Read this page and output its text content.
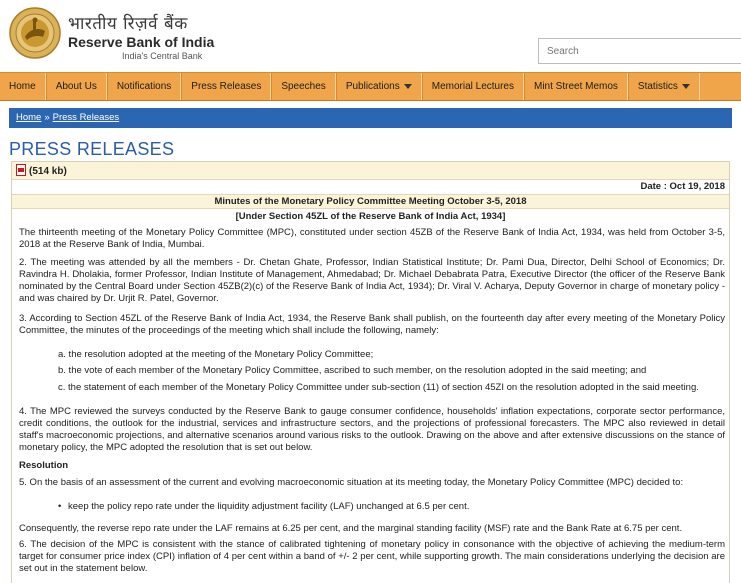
भारतीय रिज़र्व बैंक
Reserve Bank of India
India's Central Bank
Search
Home	About Us	Notifications	Press Releases	Speeches	Publications	Memorial Lectures	Mint Street Memos	Statistics
Home » Press Releases
PRESS RELEASES
(514 kb)
Date : Oct 19, 2018
Minutes of the Monetary Policy Committee Meeting October 3-5, 2018
[Under Section 45ZL of the Reserve Bank of India Act, 1934]
The thirteenth meeting of the Monetary Policy Committee (MPC), constituted under section 45ZB of the Reserve Bank of India Act, 1934, was held from October 3-5, 2018 at the Reserve Bank of India, Mumbai.
2. The meeting was attended by all the members - Dr. Chetan Ghate, Professor, Indian Statistical Institute; Dr. Pami Dua, Director, Delhi School of Economics; Dr. Ravindra H. Dholakia, former Professor, Indian Institute of Management, Ahmedabad; Dr. Michael Debabrata Patra, Executive Director (the officer of the Reserve Bank nominated by the Central Board under Section 45ZB(2)(c) of the Reserve Bank of India Act, 1934); Dr. Viral V. Acharya, Deputy Governor in charge of monetary policy - and was chaired by Dr. Urjit R. Patel, Governor.
3. According to Section 45ZL of the Reserve Bank of India Act, 1934, the Reserve Bank shall publish, on the fourteenth day after every meeting of the Monetary Policy Committee, the minutes of the proceedings of the meeting which shall include the following, namely:
a. the resolution adopted at the meeting of the Monetary Policy Committee;
b. the vote of each member of the Monetary Policy Committee, ascribed to such member, on the resolution adopted in the said meeting; and
c. the statement of each member of the Monetary Policy Committee under sub-section (11) of section 45ZI on the resolution adopted in the said meeting.
4. The MPC reviewed the surveys conducted by the Reserve Bank to gauge consumer confidence, households' inflation expectations, corporate sector performance, credit conditions, the outlook for the industrial, services and infrastructure sectors, and the projections of professional forecasters. The MPC also reviewed in detail staff's macroeconomic projections, and alternative scenarios around various risks to the outlook. Drawing on the above and after extensive discussions on the stance of monetary policy, the MPC adopted the resolution that is set out below.
Resolution
5. On the basis of an assessment of the current and evolving macroeconomic situation at its meeting today, the Monetary Policy Committee (MPC) decided to:
• keep the policy repo rate under the liquidity adjustment facility (LAF) unchanged at 6.5 per cent.
Consequently, the reverse repo rate under the LAF remains at 6.25 per cent, and the marginal standing facility (MSF) rate and the Bank Rate at 6.75 per cent.
6. The decision of the MPC is consistent with the stance of calibrated tightening of monetary policy in consonance with the objective of achieving the medium-term target for consumer price index (CPI) inflation of 4 per cent within a band of +/- 2 per cent, while supporting growth. The main considerations underlying the decision are set out in the statement below.
